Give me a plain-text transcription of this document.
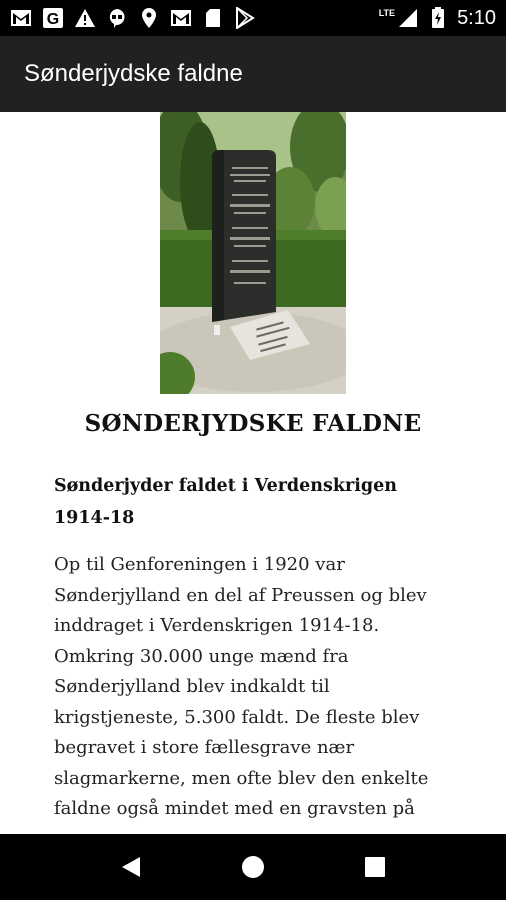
G	LTE	5:10
Sønderjydske faldne
SØNDERJYDSKE FALDNE
Sønderjyder faldet i Verdenskrigen 1914-18

Op til Genforeningen i 1920 var Sønderjylland en del af Preussen og blev inddraget i Verdenskrigen 1914-18. Omkring 30.000 unge mænd fra Sønderjylland blev indkaldt til krigstjeneste, 5.300 faldt. De fleste blev begravet i store fællesgrave nær slagmarkerne, men ofte blev den enkelte faldne også mindet med en gravsten på
